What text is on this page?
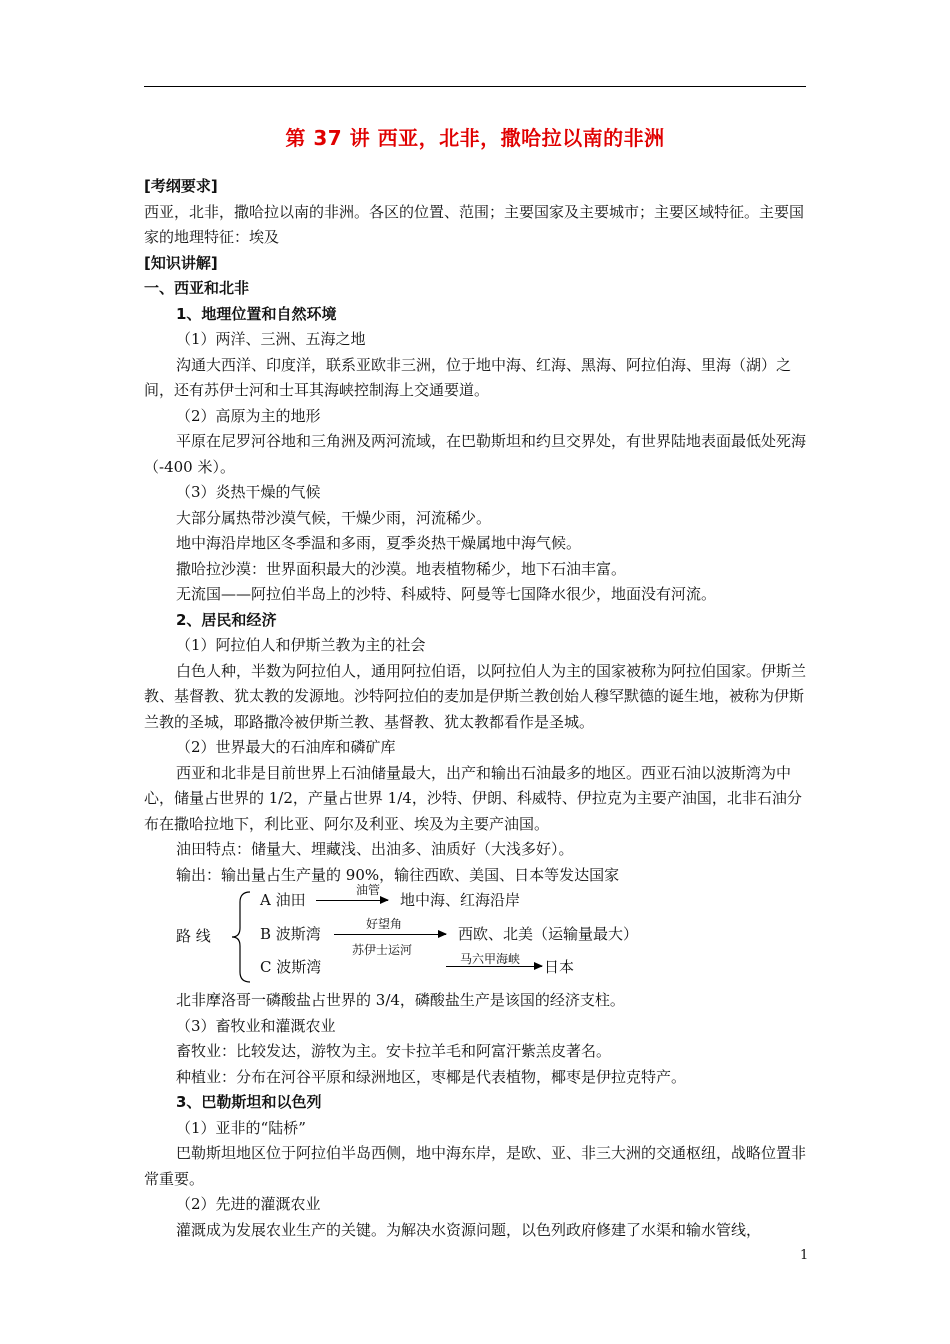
第 37 讲 西亚，北非，撒哈拉以南的非洲

[考纲要求]

西亚，北非，撒哈拉以南的非洲。各区的位置、范围；主要国家及主要城市；主要区域特征。主要国家的地理特征：埃及

[知识讲解]

一、西亚和北非

1、地理位置和自然环境

（1）两洋、三洲、五海之地

沟通大西洋、印度洋，联系亚欧非三洲，位于地中海、红海、黑海、阿拉伯海、里海（湖）之间，还有苏伊士河和士耳其海峡控制海上交通要道。

（2）高原为主的地形

平原在尼罗河谷地和三角洲及两河流域，在巴勒斯坦和约旦交界处，有世界陆地表面最低处死海（-400 米）。

（3）炎热干燥的气候

大部分属热带沙漠气候，干燥少雨，河流稀少。

地中海沿岸地区冬季温和多雨，夏季炎热干燥属地中海气候。

撒哈拉沙漠：世界面积最大的沙漠。地表植物稀少，地下石油丰富。

无流国——阿拉伯半岛上的沙特、科威特、阿曼等七国降水很少，地面没有河流。

2、居民和经济

（1）阿拉伯人和伊斯兰教为主的社会

白色人种，半数为阿拉伯人，通用阿拉伯语，以阿拉伯人为主的国家被称为阿拉伯国家。伊斯兰教、基督教、犹太教的发源地。沙特阿拉伯的麦加是伊斯兰教创始人穆罕默德的诞生地，被称为伊斯兰教的圣城，耶路撒冷被伊斯兰教、基督教、犹太教都看作是圣城。

（2）世界最大的石油库和磷矿库

西亚和北非是目前世界上石油储量最大，出产和输出石油最多的地区。西亚石油以波斯湾为中心，储量占世界的 1/2，产量占世界 1/4，沙特、伊朗、科威特、伊拉克为主要产油国，北非石油分布在撒哈拉地下，利比亚、阿尔及利亚、埃及为主要产油国。

油田特点：储量大、埋藏浅、出油多、油质好（大浅多好）。

输出：输出量占生产量的 90%，输往西欧、美国、日本等发达国家

路 线
A 油田
油管
地中海、红海沿岸
B 波斯湾
好望角
苏伊士运河
西欧、北美（运输量最大）
C 波斯湾	马六甲海峡 日本

北非摩洛哥一磷酸盐占世界的 3/4，磷酸盐生产是该国的经济支柱。

（3）畜牧业和灌溉农业

畜牧业：比较发达，游牧为主。安卡拉羊毛和阿富汗紫羔皮著名。

种植业：分布在河谷平原和绿洲地区，枣椰是代表植物，椰枣是伊拉克特产。

3、巴勒斯坦和以色列

（1）亚非的“陆桥”

巴勒斯坦地区位于阿拉伯半岛西侧，地中海东岸，是欧、亚、非三大洲的交通枢纽，战略位置非常重要。

（2）先进的灌溉农业

灌溉成为发展农业生产的关键。为解决水资源问题，以色列政府修建了水渠和输水管线，

1
